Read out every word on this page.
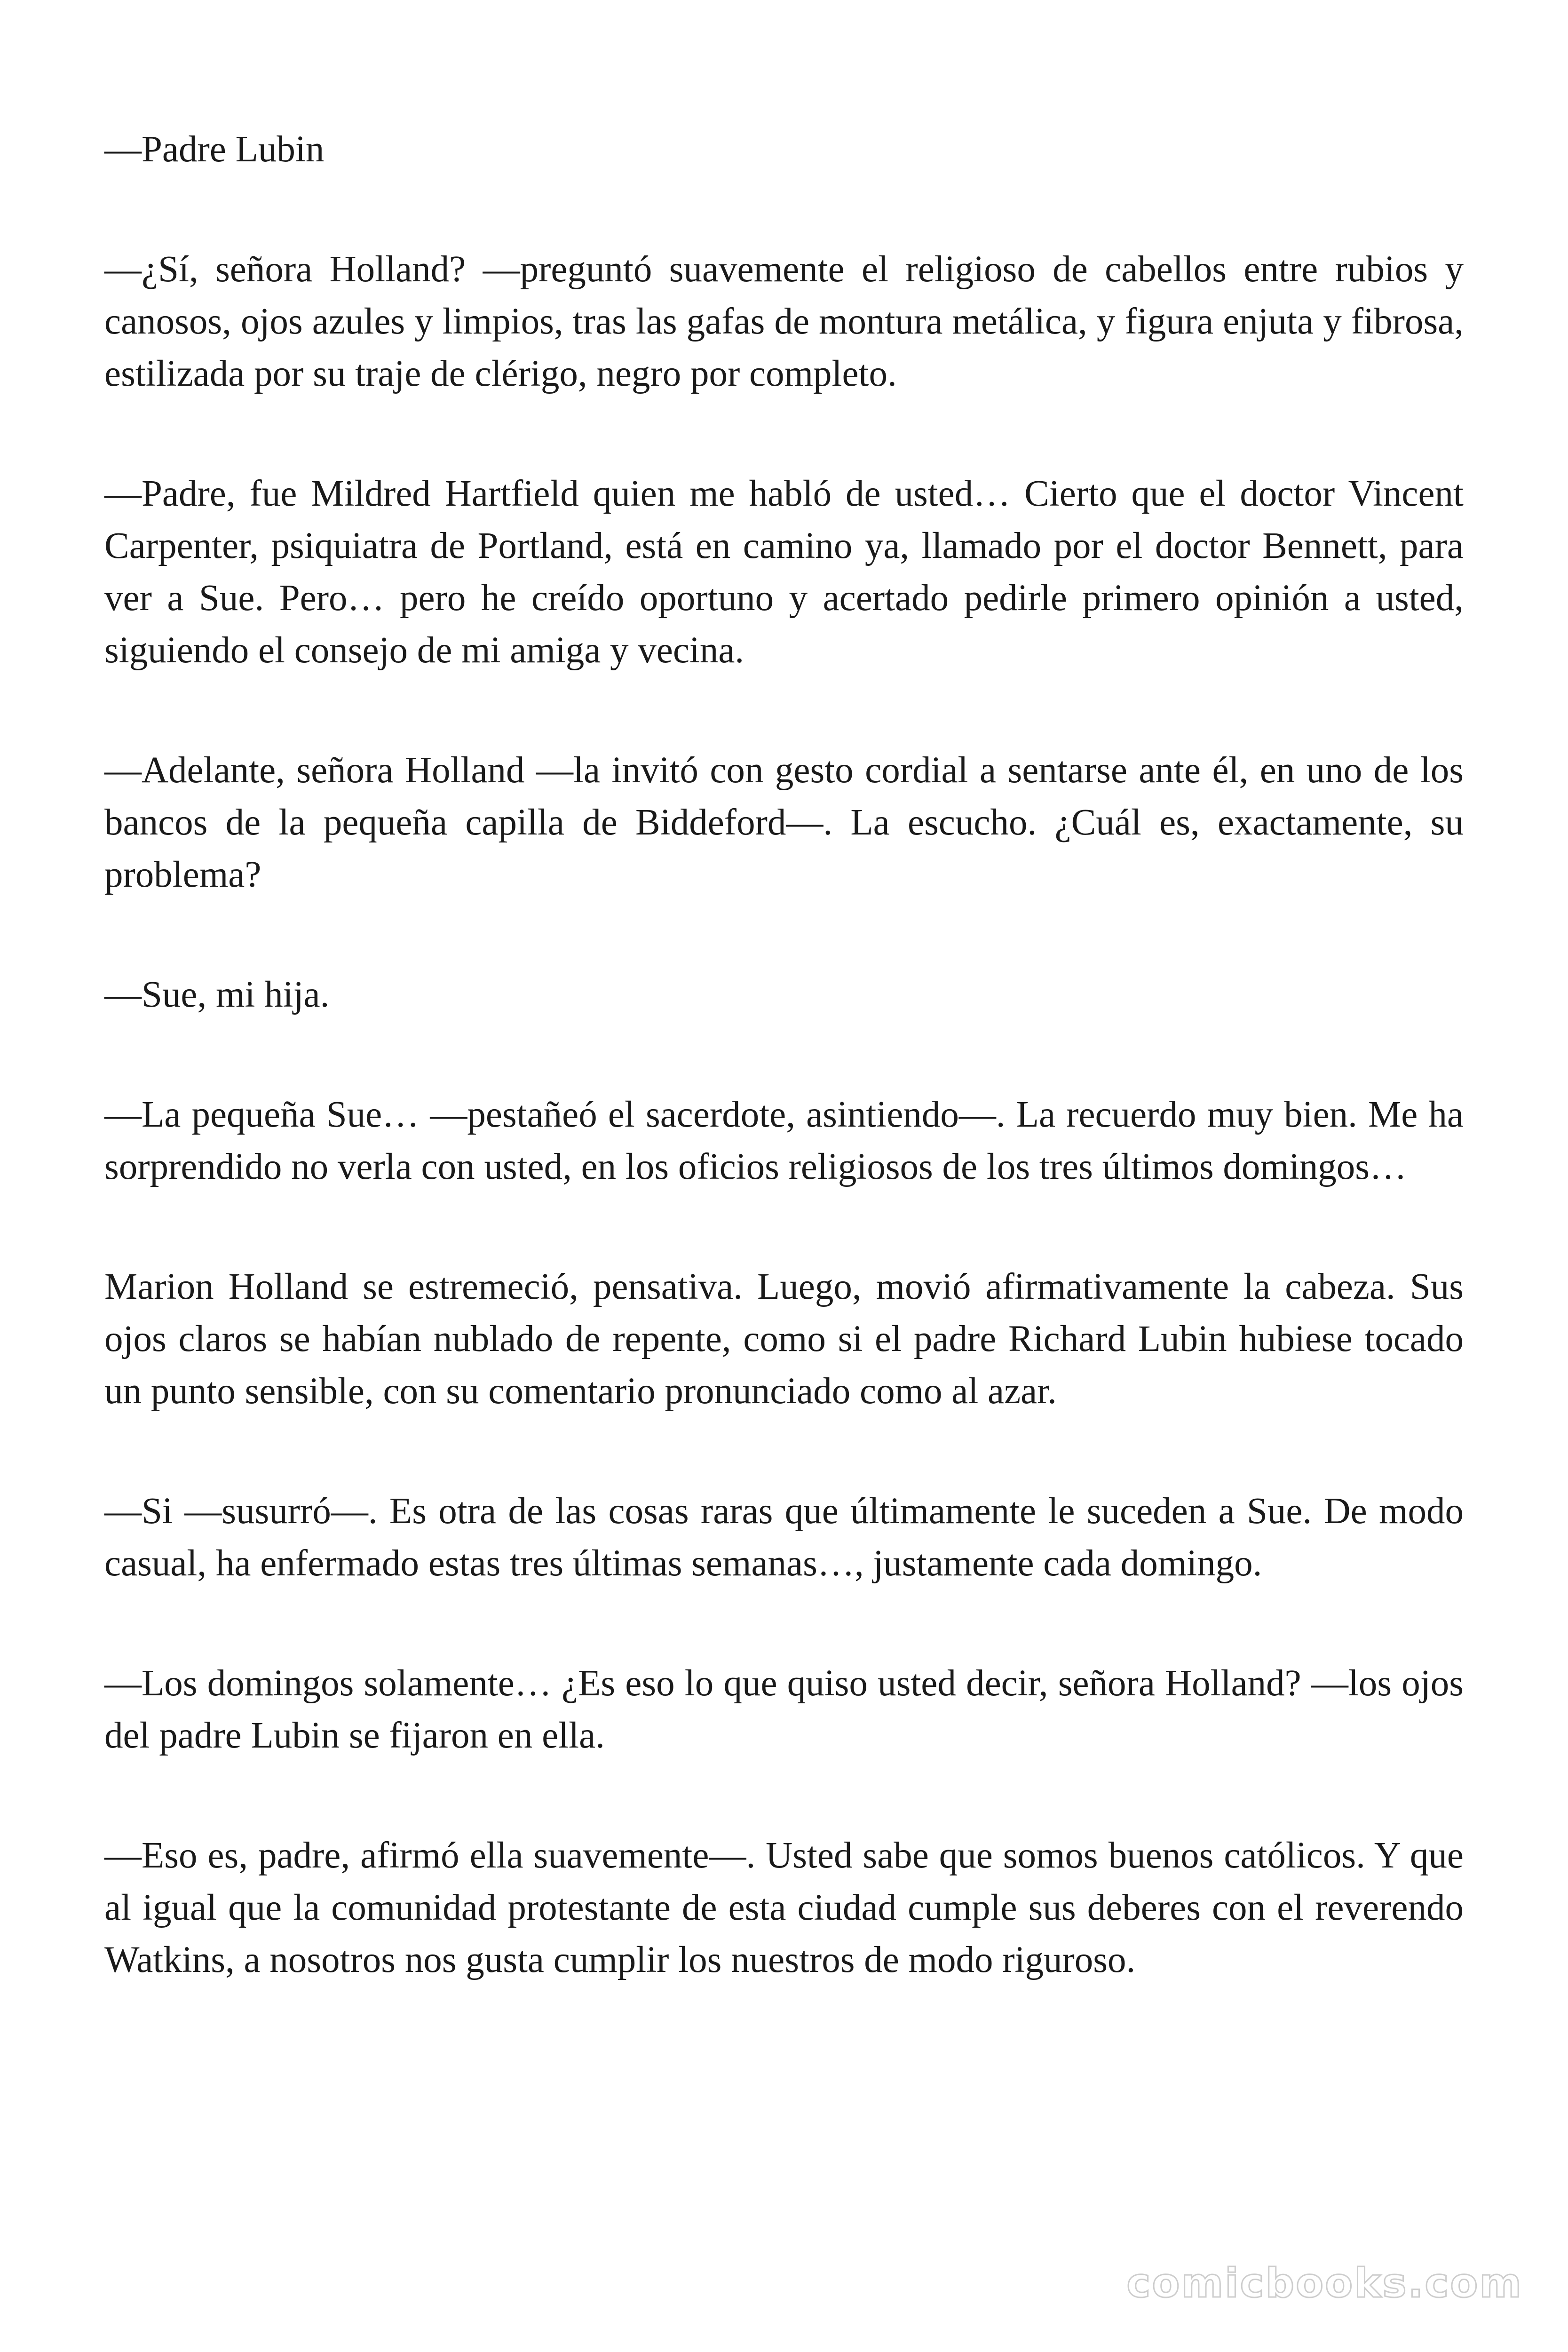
—Padre Lubin

—¿Sí, señora Holland? —preguntó suavemente el religioso de cabellos entre rubios y canosos, ojos azules y limpios, tras las gafas de montura metálica, y figura enjuta y fibrosa, estilizada por su traje de clérigo, negro por completo.

—Padre, fue Mildred Hartfield quien me habló de usted… Cierto que el doctor Vincent Carpenter, psiquiatra de Portland, está en camino ya, llamado por el doctor Bennett, para ver a Sue. Pero… pero he creído oportuno y acertado pedirle primero opinión a usted, siguiendo el consejo de mi amiga y vecina.

—Adelante, señora Holland —la invitó con gesto cordial a sentarse ante él, en uno de los bancos de la pequeña capilla de Biddeford—. La escucho. ¿Cuál es, exactamente, su problema?

—Sue, mi hija.

—La pequeña Sue… —pestañeó el sacerdote, asintiendo—. La recuerdo muy bien. Me ha sorprendido no verla con usted, en los oficios religiosos de los tres últimos domingos…

Marion Holland se estremeció, pensativa. Luego, movió afirmativamente la cabeza. Sus ojos claros se habían nublado de repente, como si el padre Richard Lubin hubiese tocado un punto sensible, con su comentario pronunciado como al azar.

—Si —susurró—. Es otra de las cosas raras que últimamente le suceden a Sue. De modo casual, ha enfermado estas tres últimas semanas…, justamente cada domingo.

—Los domingos solamente… ¿Es eso lo que quiso usted decir, señora Holland? —los ojos del padre Lubin se fijaron en ella.

—Eso es, padre, afirmó ella suavemente—. Usted sabe que somos buenos católicos. Y que al igual que la comunidad protestante de esta ciudad cumple sus deberes con el reverendo Watkins, a nosotros nos gusta cumplir los nuestros de modo riguroso.

comicbooks.com
